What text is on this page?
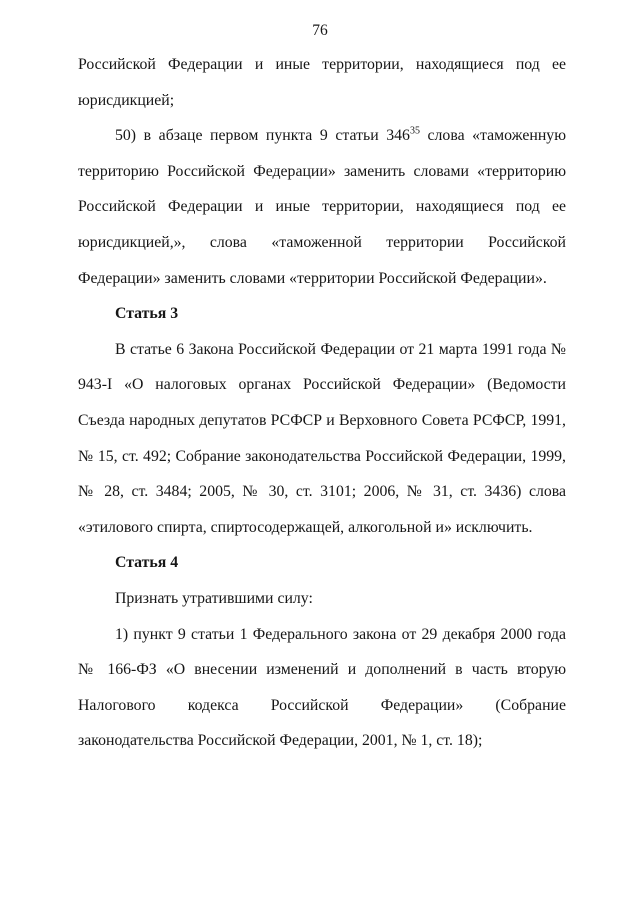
76

Российской Федерации и иные территории, находящиеся под ее юрисдикцией;

50) в абзаце первом пункта 9 статьи 346$^{35}$ слова «таможенную территорию Российской Федерации» заменить словами «территорию Российской Федерации и иные территории, находящиеся под ее юрисдикцией,», слова «таможенной территории Российской Федерации» заменить словами «территории Российской Федерации».

Статья 3

В статье 6 Закона Российской Федерации от 21 марта 1991 года № 943-I «О налоговых органах Российской Федерации» (Ведомости Съезда народных депутатов РСФСР и Верховного Совета РСФСР, 1991, № 15, ст. 492; Собрание законодательства Российской Федерации, 1999, № 28, ст. 3484; 2005, № 30, ст. 3101; 2006, № 31, ст. 3436) слова «этилового спирта, спиртосодержащей, алкогольной и» исключить.

Статья 4

Признать утратившими силу:

1) пункт 9 статьи 1 Федерального закона от 29 декабря 2000 года № 166-ФЗ «О внесении изменений и дополнений в часть вторую Налогового кодекса Российской Федерации» (Собрание законодательства Российской Федерации, 2001, № 1, ст. 18);
